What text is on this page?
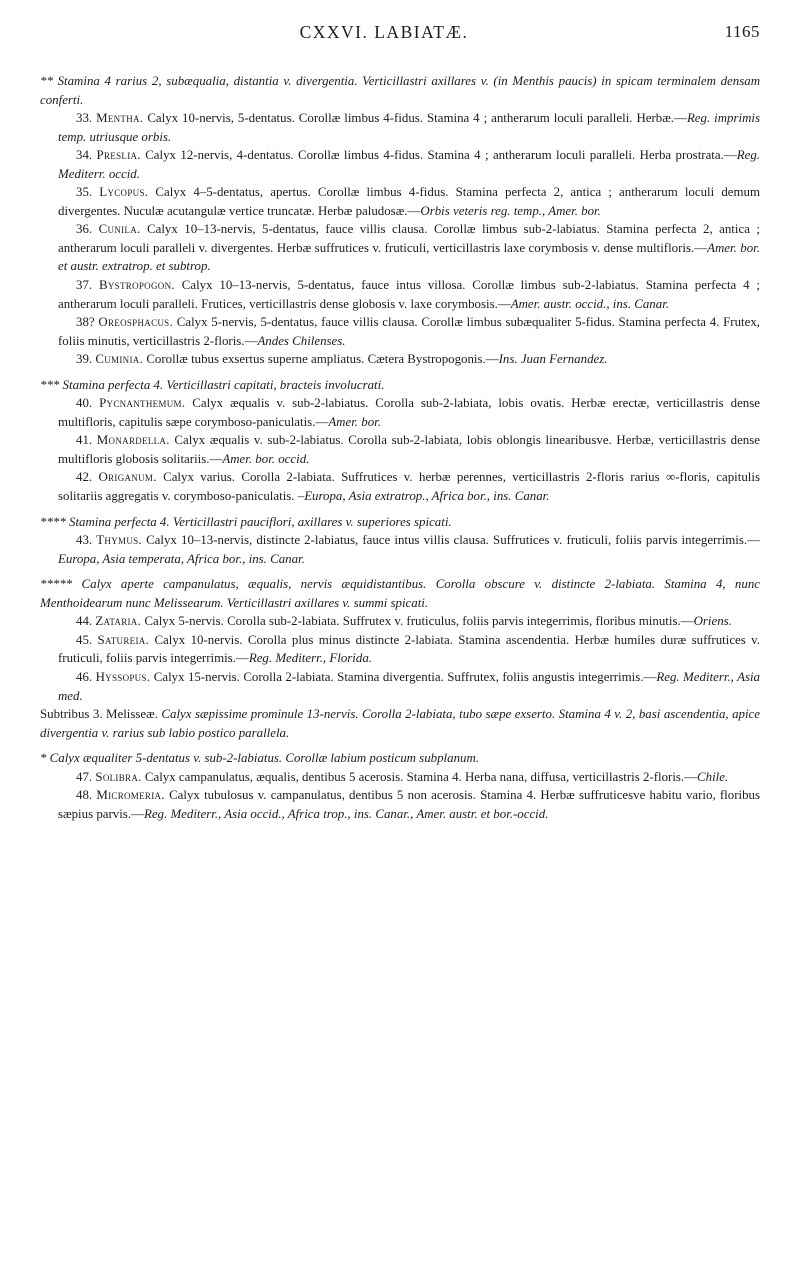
CXXVI. LABIATÆ.	1165

** Stamina 4 rarius 2, subæqualia, distantia v. divergentia. Verticillastri axillares v. (in Menthis paucis) in spicam terminalem densam conferti.

33. Mentha. Calyx 10-nervis, 5-dentatus. Corollæ limbus 4-fidus. Stamina 4 ; antherarum loculi paralleli. Herbæ.—Reg. imprimis temp. utriusque orbis.

34. Preslia. Calyx 12-nervis, 4-dentatus. Corollæ limbus 4-fidus. Stamina 4 ; antherarum loculi paralleli. Herba prostrata.—Reg. Mediterr. occid.

35. Lycopus. Calyx 4–5-dentatus, apertus. Corollæ limbus 4-fidus. Stamina perfecta 2, antica ; antherarum loculi demum divergentes. Nuculæ acutangulæ vertice truncatæ. Herbæ paludosæ.—Orbis veteris reg. temp., Amer. bor.

36. Cunila. Calyx 10–13-nervis, 5-dentatus, fauce villis clausa. Corollæ limbus sub-2-labiatus. Stamina perfecta 2, antica ; antherarum loculi paralleli v. divergentes. Herbæ suffrutices v. fruticuli, verticillastris laxe corymbosis v. dense multifloris.—Amer. bor. et austr. extratrop. et subtrop.

37. Bystropogon. Calyx 10–13-nervis, 5-dentatus, fauce intus villosa. Corollæ limbus sub-2-labiatus. Stamina perfecta 4 ; antherarum loculi paralleli. Frutices, verticillastris dense globosis v. laxe corymbosis.—Amer. austr. occid., ins. Canar.

38? Oreosphacus. Calyx 5-nervis, 5-dentatus, fauce villis clausa. Corollæ limbus subæqualiter 5-fidus. Stamina perfecta 4. Frutex, foliis minutis, verticillastris 2-floris.—Andes Chilenses.

39. Cuminia. Corollæ tubus exsertus superne ampliatus. Cætera Bystropogonis.—Ins. Juan Fernandez.

*** Stamina perfecta 4. Verticillastri capitati, bracteis involucrati.

40. Pycnanthemum. Calyx æqualis v. sub-2-labiatus. Corolla sub-2-labiata, lobis ovatis. Herbæ erectæ, verticillastris dense multifloris, capitulis sæpe corymboso-paniculatis.—Amer. bor.

41. Monardella. Calyx æqualis v. sub-2-labiatus. Corolla sub-2-labiata, lobis oblongis linearibusve. Herbæ, verticillastris dense multifloris globosis solitariis.—Amer. bor. occid.

42. Origanum. Calyx varius. Corolla 2-labiata. Suffrutices v. herbæ perennes, verticillastris 2-floris rarius ∞-floris, capitulis solitariis aggregatis v. corymboso-paniculatis. –Europa, Asia extratrop., Africa bor., ins. Canar.

**** Stamina perfecta 4. Verticillastri pauciflori, axillares v. superiores spicati.

43. Thymus. Calyx 10–13-nervis, distincte 2-labiatus, fauce intus villis clausa. Suffrutices v. fruticuli, foliis parvis integerrimis.—Europa, Asia temperata, Africa bor., ins. Canar.

***** Calyx aperte campanulatus, æqualis, nervis æquidistantibus. Corolla obscure v. distincte 2-labiata. Stamina 4, nunc Menthoidearum nunc Melissearum. Verticillastri axillares v. summi spicati.

44. Zataria. Calyx 5-nervis. Corolla sub-2-labiata. Suffrutex v. fruticulus, foliis parvis integerrimis, floribus minutis.—Oriens.

45. Satureia. Calyx 10-nervis. Corolla plus minus distincte 2-labiata. Stamina ascendentia. Herbæ humiles duræ suffrutices v. fruticuli, foliis parvis integerrimis.—Reg. Mediterr., Florida.

46. Hyssopus. Calyx 15-nervis. Corolla 2-labiata. Stamina divergentia. Suffrutex, foliis angustis integerrimis.—Reg. Mediterr., Asia med.

Subtribus 3. Melisseæ. Calyx sæpissime prominule 13-nervis. Corolla 2-labiata, tubo sæpe exserto. Stamina 4 v. 2, basi ascendentia, apice divergentia v. rarius sub labio postico parallela.

* Calyx æqualiter 5-dentatus v. sub-2-labiatus. Corollæ labium posticum subplanum.

47. Solibra. Calyx campanulatus, æqualis, dentibus 5 acerosis. Stamina 4. Herba nana, diffusa, verticillastris 2-floris.—Chile.

48. Micromeria. Calyx tubulosus v. campanulatus, dentibus 5 non acerosis. Stamina 4. Herbæ suffruticesve habitu vario, floribus sæpius parvis.—Reg. Mediterr., Asia occid., Africa trop., ins. Canar., Amer. austr. et bor.-occid.
